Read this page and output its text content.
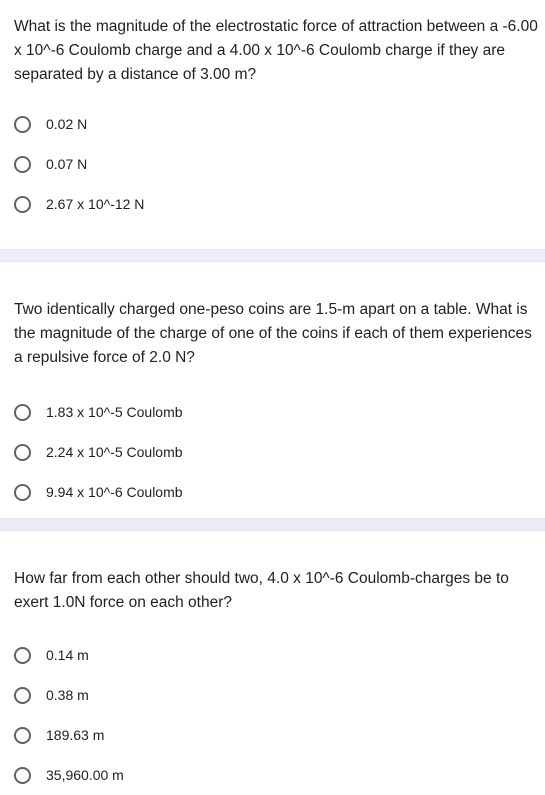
What is the magnitude of the electrostatic force of attraction between a -6.00 x 10^-6 Coulomb charge and a 4.00 x 10^-6 Coulomb charge if they are separated by a distance of 3.00 m?

0.02 N
0.07 N
2.67 x 10^-12 N

Two identically charged one-peso coins are 1.5-m apart on a table. What is the magnitude of the charge of one of the coins if each of them experiences a repulsive force of 2.0 N?

1.83 x 10^-5 Coulomb
2.24 x 10^-5 Coulomb
9.94 x 10^-6 Coulomb

How far from each other should two, 4.0 x 10^-6 Coulomb-charges be to exert 1.0N force on each other?

0.14 m
0.38 m
189.63 m
35,960.00 m
